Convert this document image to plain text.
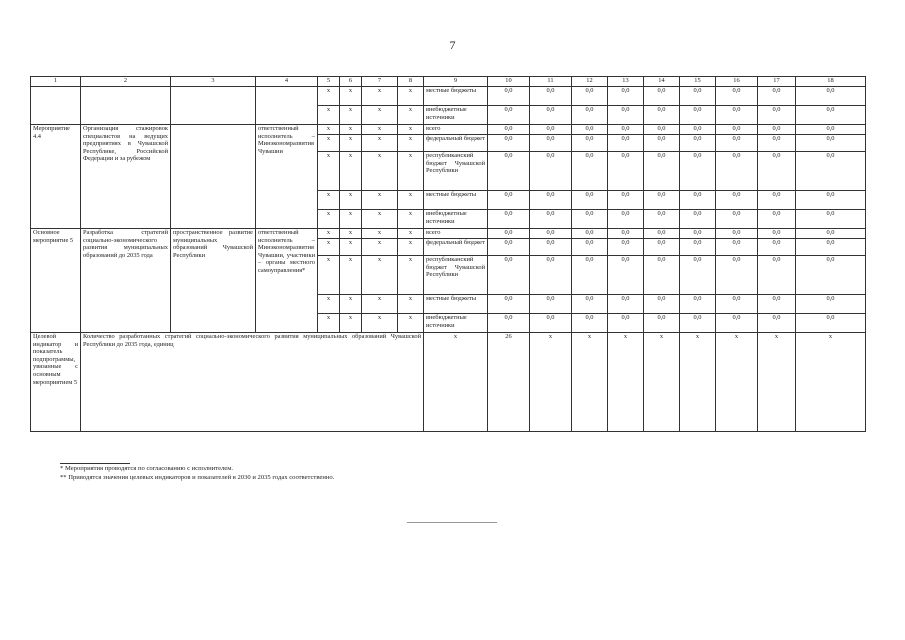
7
1	2	3	4	5	6	7	8	9	10	11	12	13	14	15	16	17	18
				x	x	x	x	местные бюджеты	0,0	0,0	0,0	0,0	0,0	0,0	0,0	0,0	0,0
				x	x	x	x	внебюджетные источники	0,0	0,0	0,0	0,0	0,0	0,0	0,0	0,0	0,0
Мероприятие 4.4	Организация стажировок специалистов на ведущих предприятиях в Чувашской Республике, Российской Федерации и за рубежом		ответственный исполнитель – Минэкономразвития Чувашии	x	x	x	x	всего	0,0	0,0	0,0	0,0	0,0	0,0	0,0	0,0	0,0
				x	x	x	x	федеральный бюджет	0,0	0,0	0,0	0,0	0,0	0,0	0,0	0,0	0,0
				x	x	x	x	республиканский бюджет Чувашской Республики	0,0	0,0	0,0	0,0	0,0	0,0	0,0	0,0	0,0
				x	x	x	x	местные бюджеты	0,0	0,0	0,0	0,0	0,0	0,0	0,0	0,0	0,0
				x	x	x	x	внебюджетные источники	0,0	0,0	0,0	0,0	0,0	0,0	0,0	0,0	0,0
Основное мероприятие 5	Разработка стратегий социально-экономического развития муниципальных образований до 2035 года	пространственное развитие муниципальных образований Чувашской Республики	ответственный исполнитель – Минэкономразвития Чувашии, участники – органы местного самоуправления*	x	x	x	x	всего	0,0	0,0	0,0	0,0	0,0	0,0	0,0	0,0	0,0
				x	x	x	x	федеральный бюджет	0,0	0,0	0,0	0,0	0,0	0,0	0,0	0,0	0,0
				x	x	x	x	республиканский бюджет Чувашской Республики	0,0	0,0	0,0	0,0	0,0	0,0	0,0	0,0	0,0
				x	x	x	x	местные бюджеты	0,0	0,0	0,0	0,0	0,0	0,0	0,0	0,0	0,0
				x	x	x	x	внебюджетные источники	0,0	0,0	0,0	0,0	0,0	0,0	0,0	0,0	0,0
Целевой индикатор и показатель подпрограммы, увязанные с основным мероприятием 5	Количество разработанных стратегий социально-экономического развития муниципальных образований Чувашской Республики до 2035 года, единиц							x	26	x	x	x	x	x	x	x	x
* Мероприятия проводятся по согласованию с исполнителем.
** Приводятся значения целевых индикаторов и показателей в 2030 и 2035 годах соответственно.
